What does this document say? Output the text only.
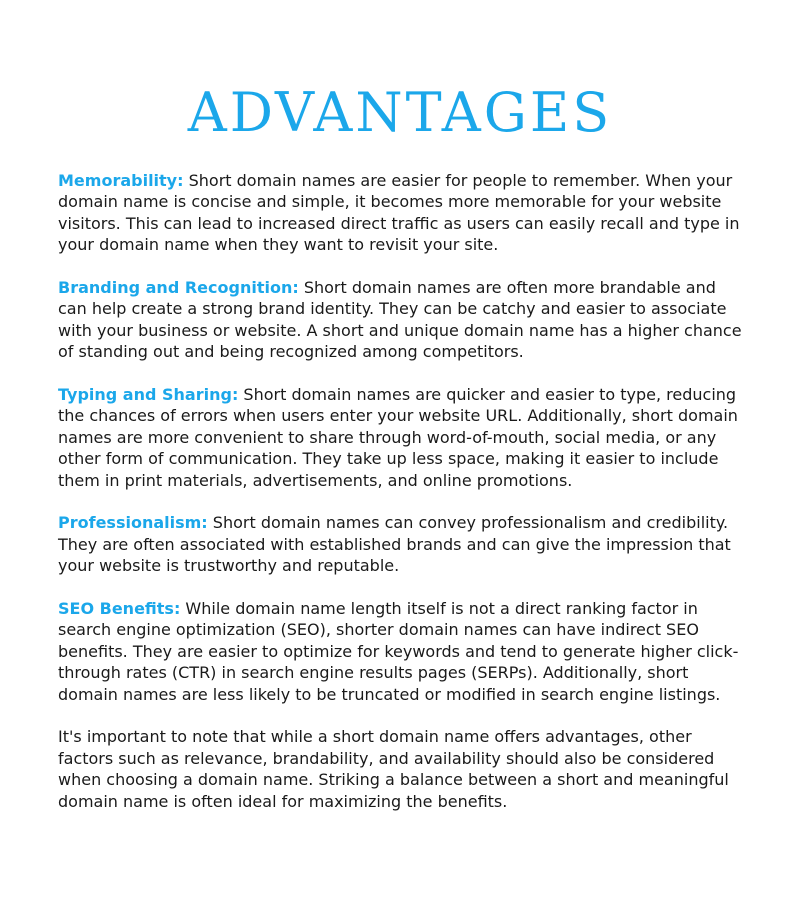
ADVANTAGES

Memorability: Short domain names are easier for people to remember. When your domain name is concise and simple, it becomes more memorable for your website visitors. This can lead to increased direct traffic as users can easily recall and type in your domain name when they want to revisit your site.

Branding and Recognition: Short domain names are often more brandable and can help create a strong brand identity. They can be catchy and easier to associate with your business or website. A short and unique domain name has a higher chance of standing out and being recognized among competitors.

Typing and Sharing: Short domain names are quicker and easier to type, reducing the chances of errors when users enter your website URL. Additionally, short domain names are more convenient to share through word-of-mouth, social media, or any other form of communication. They take up less space, making it easier to include them in print materials, advertisements, and online promotions.

Professionalism: Short domain names can convey professionalism and credibility. They are often associated with established brands and can give the impression that your website is trustworthy and reputable.

SEO Benefits: While domain name length itself is not a direct ranking factor in search engine optimization (SEO), shorter domain names can have indirect SEO benefits. They are easier to optimize for keywords and tend to generate higher click-through rates (CTR) in search engine results pages (SERPs). Additionally, short domain names are less likely to be truncated or modified in search engine listings.

It's important to note that while a short domain name offers advantages, other factors such as relevance, brandability, and availability should also be considered when choosing a domain name. Striking a balance between a short and meaningful domain name is often ideal for maximizing the benefits.
